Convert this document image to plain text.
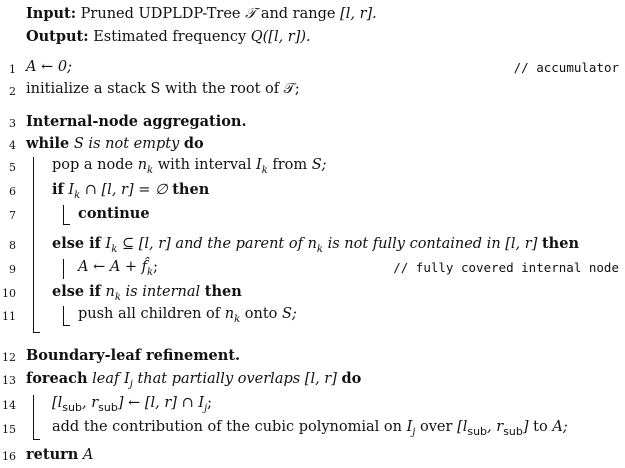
Input: Pruned UDPLDP-Tree 𝒯 and range [l, r].
Output: Estimated frequency Q([l, r]).
1 A ← 0;	// accumulator
2 initialize a stack S with the root of 𝒯;
3 Internal-node aggregation.
4 while S is not empty do
5 pop a node $n_k$ with interval $I_k$ from S;
6 if $I_k$ ∩ [l, r] = ∅ then
7	continue
8 else if $I_k$ ⊆ [l, r] and the parent of $n_k$ is not fully contained in [l, r] then
9	A ← $A + f̂_k$;	// fully covered internal node
10 else if $n_k$ is internal then
11	push all children of $n_k$ onto S;
12 Boundary-leaf refinement.
13 foreach leaf $I_j$ that partially overlaps [l, r] do
14 [$l_{sub}$, $r_{sub}$] ← [l, r] ∩ $I_j$;
15 add the contribution of the cubic polynomial on $I_j$ over [$l_{sub}$, $r_{sub}$] to A;
16 return A
